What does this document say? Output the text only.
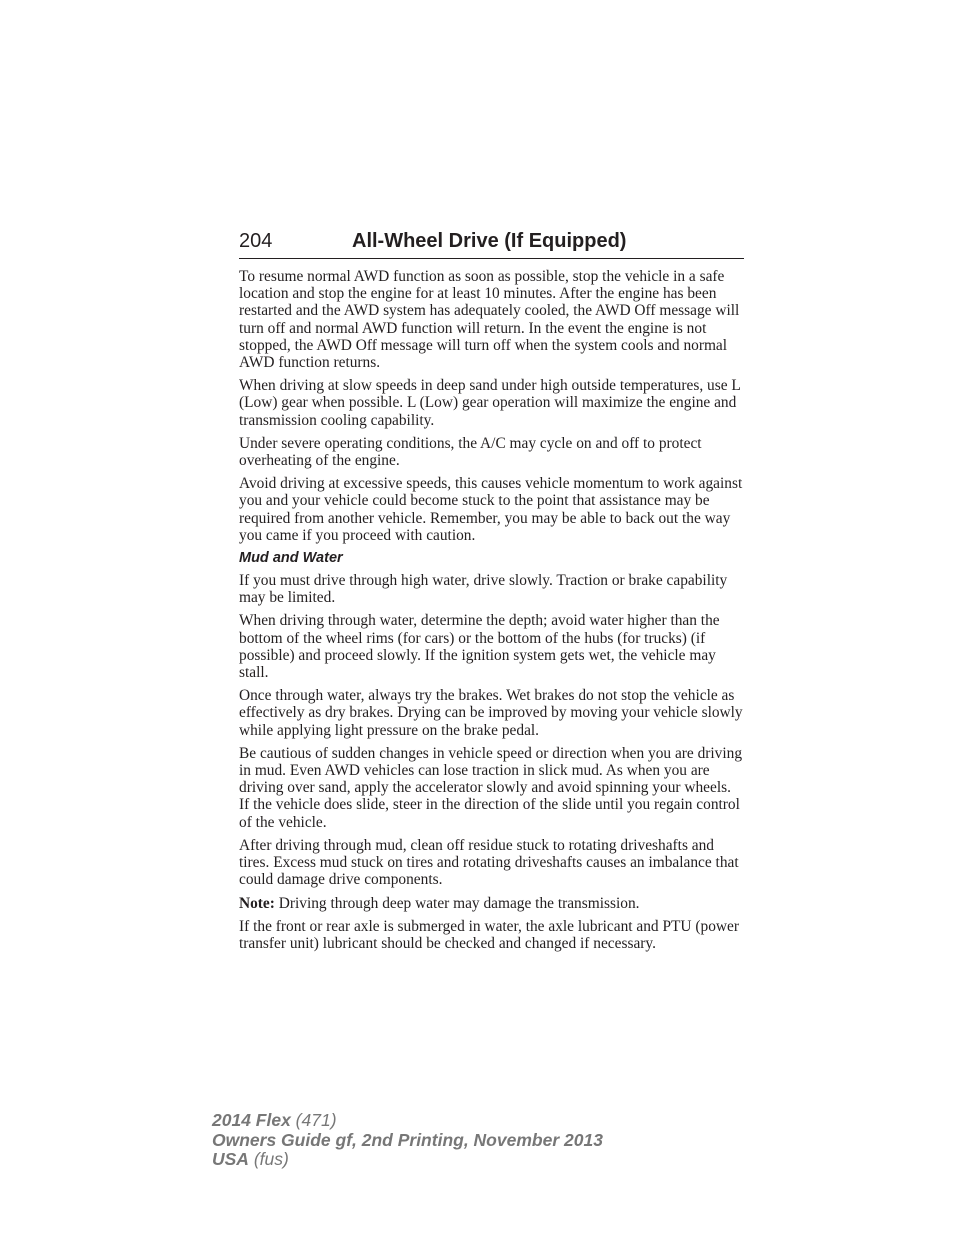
204	All-Wheel Drive (If Equipped)

To resume normal AWD function as soon as possible, stop the vehicle in a safe location and stop the engine for at least 10 minutes. After the engine has been restarted and the AWD system has adequately cooled, the AWD Off message will turn off and normal AWD function will return. In the event the engine is not stopped, the AWD Off message will turn off when the system cools and normal AWD function returns.

When driving at slow speeds in deep sand under high outside temperatures, use L (Low) gear when possible. L (Low) gear operation will maximize the engine and transmission cooling capability.

Under severe operating conditions, the A/C may cycle on and off to protect overheating of the engine.

Avoid driving at excessive speeds, this causes vehicle momentum to work against you and your vehicle could become stuck to the point that assistance may be required from another vehicle. Remember, you may be able to back out the way you came if you proceed with caution.

Mud and Water

If you must drive through high water, drive slowly. Traction or brake capability may be limited.

When driving through water, determine the depth; avoid water higher than the bottom of the wheel rims (for cars) or the bottom of the hubs (for trucks) (if possible) and proceed slowly. If the ignition system gets wet, the vehicle may stall.

Once through water, always try the brakes. Wet brakes do not stop the vehicle as effectively as dry brakes. Drying can be improved by moving your vehicle slowly while applying light pressure on the brake pedal.

Be cautious of sudden changes in vehicle speed or direction when you are driving in mud. Even AWD vehicles can lose traction in slick mud. As when you are driving over sand, apply the accelerator slowly and avoid spinning your wheels. If the vehicle does slide, steer in the direction of the slide until you regain control of the vehicle.

After driving through mud, clean off residue stuck to rotating driveshafts and tires. Excess mud stuck on tires and rotating driveshafts causes an imbalance that could damage drive components.

Note: Driving through deep water may damage the transmission.

If the front or rear axle is submerged in water, the axle lubricant and PTU (power transfer unit) lubricant should be checked and changed if necessary.

2014 Flex (471)
Owners Guide gf, 2nd Printing, November 2013
USA (fus)
